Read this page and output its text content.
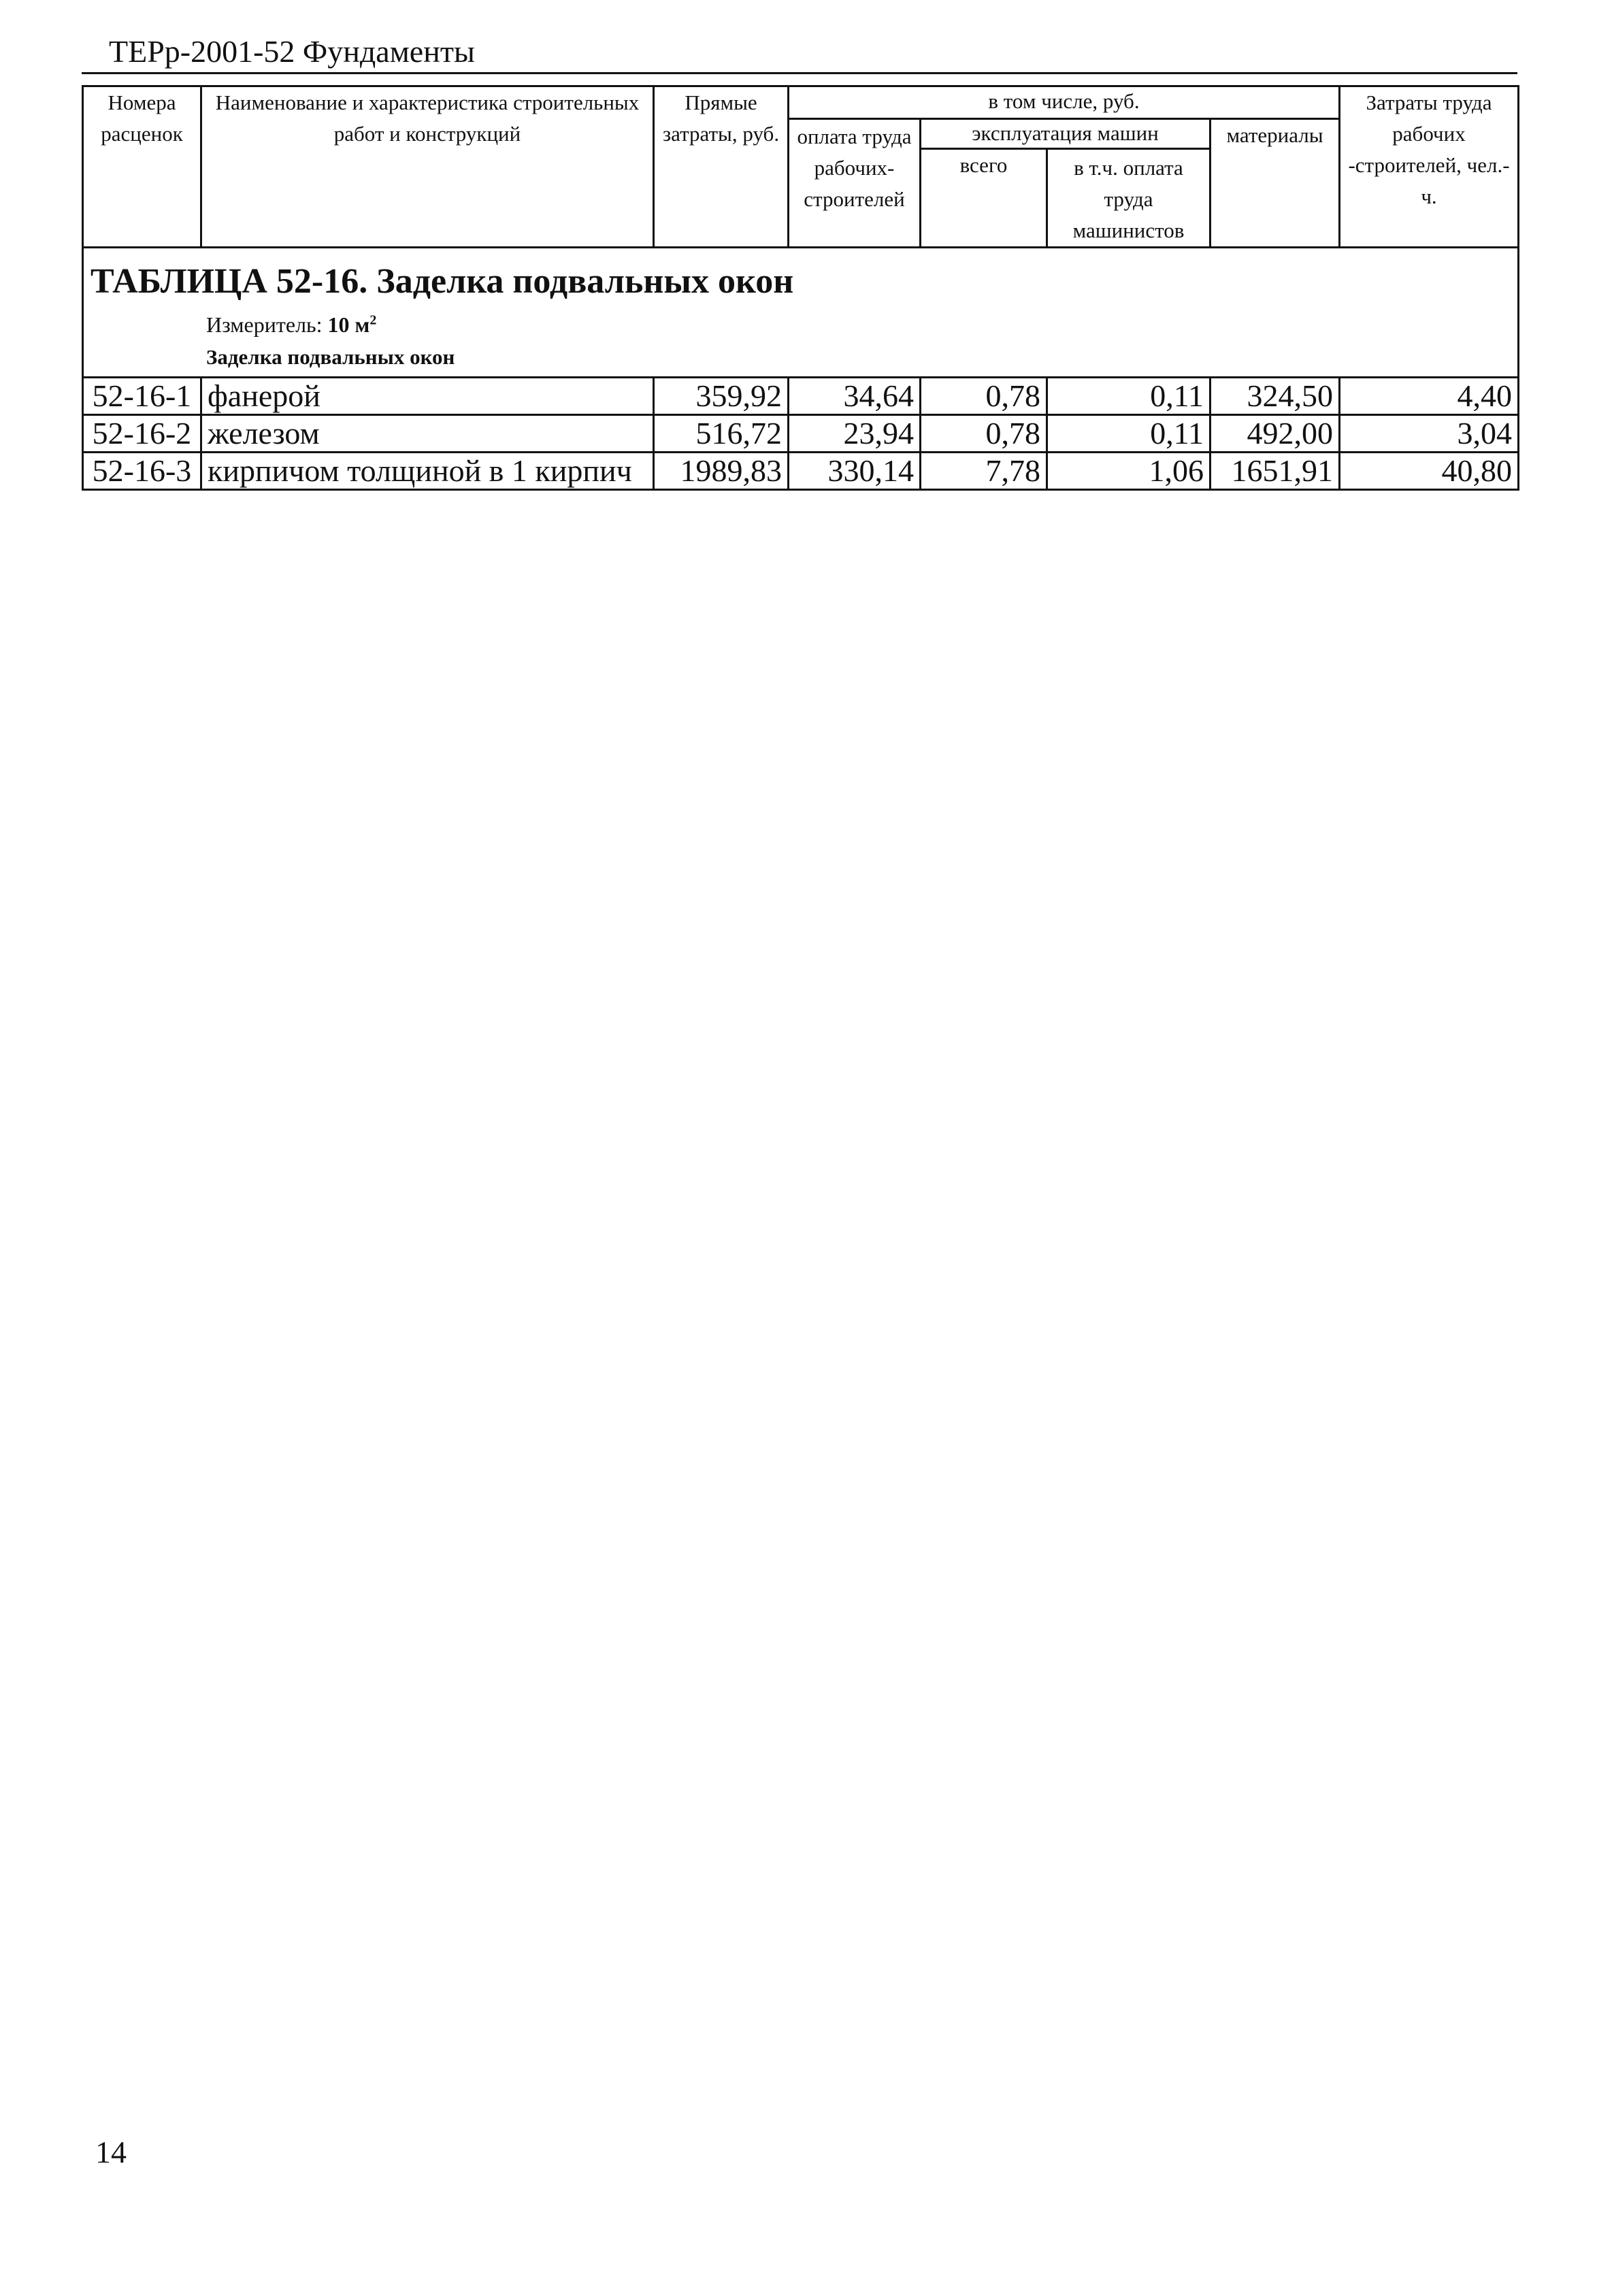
ТЕРр-2001-52 Фундаменты
Номера расценок	Наименование и характеристика строительных работ и конструкций	Прямые затраты, руб.	в том числе, руб.				Затраты труда рабочих -строителей, чел.-ч.
			оплата труда рабочих-строителей	эксплуатация машин		материалы	
				всего	в т.ч. оплата труда машинистов		

ТАБЛИЦА 52-16. Заделка подвальных окон
Измеритель: 10 $м^2$
Заделка подвальных окон							

52-16-1	фанерой	359,92	34,64	0,78	0,11	324,50	4,40
52-16-2	железом	516,72	23,94	0,78	0,11	492,00	3,04
52-16-3	кирпичом толщиной в 1 кирпич	1989,83	330,14	7,78	1,06	1651,91	40,80
14
